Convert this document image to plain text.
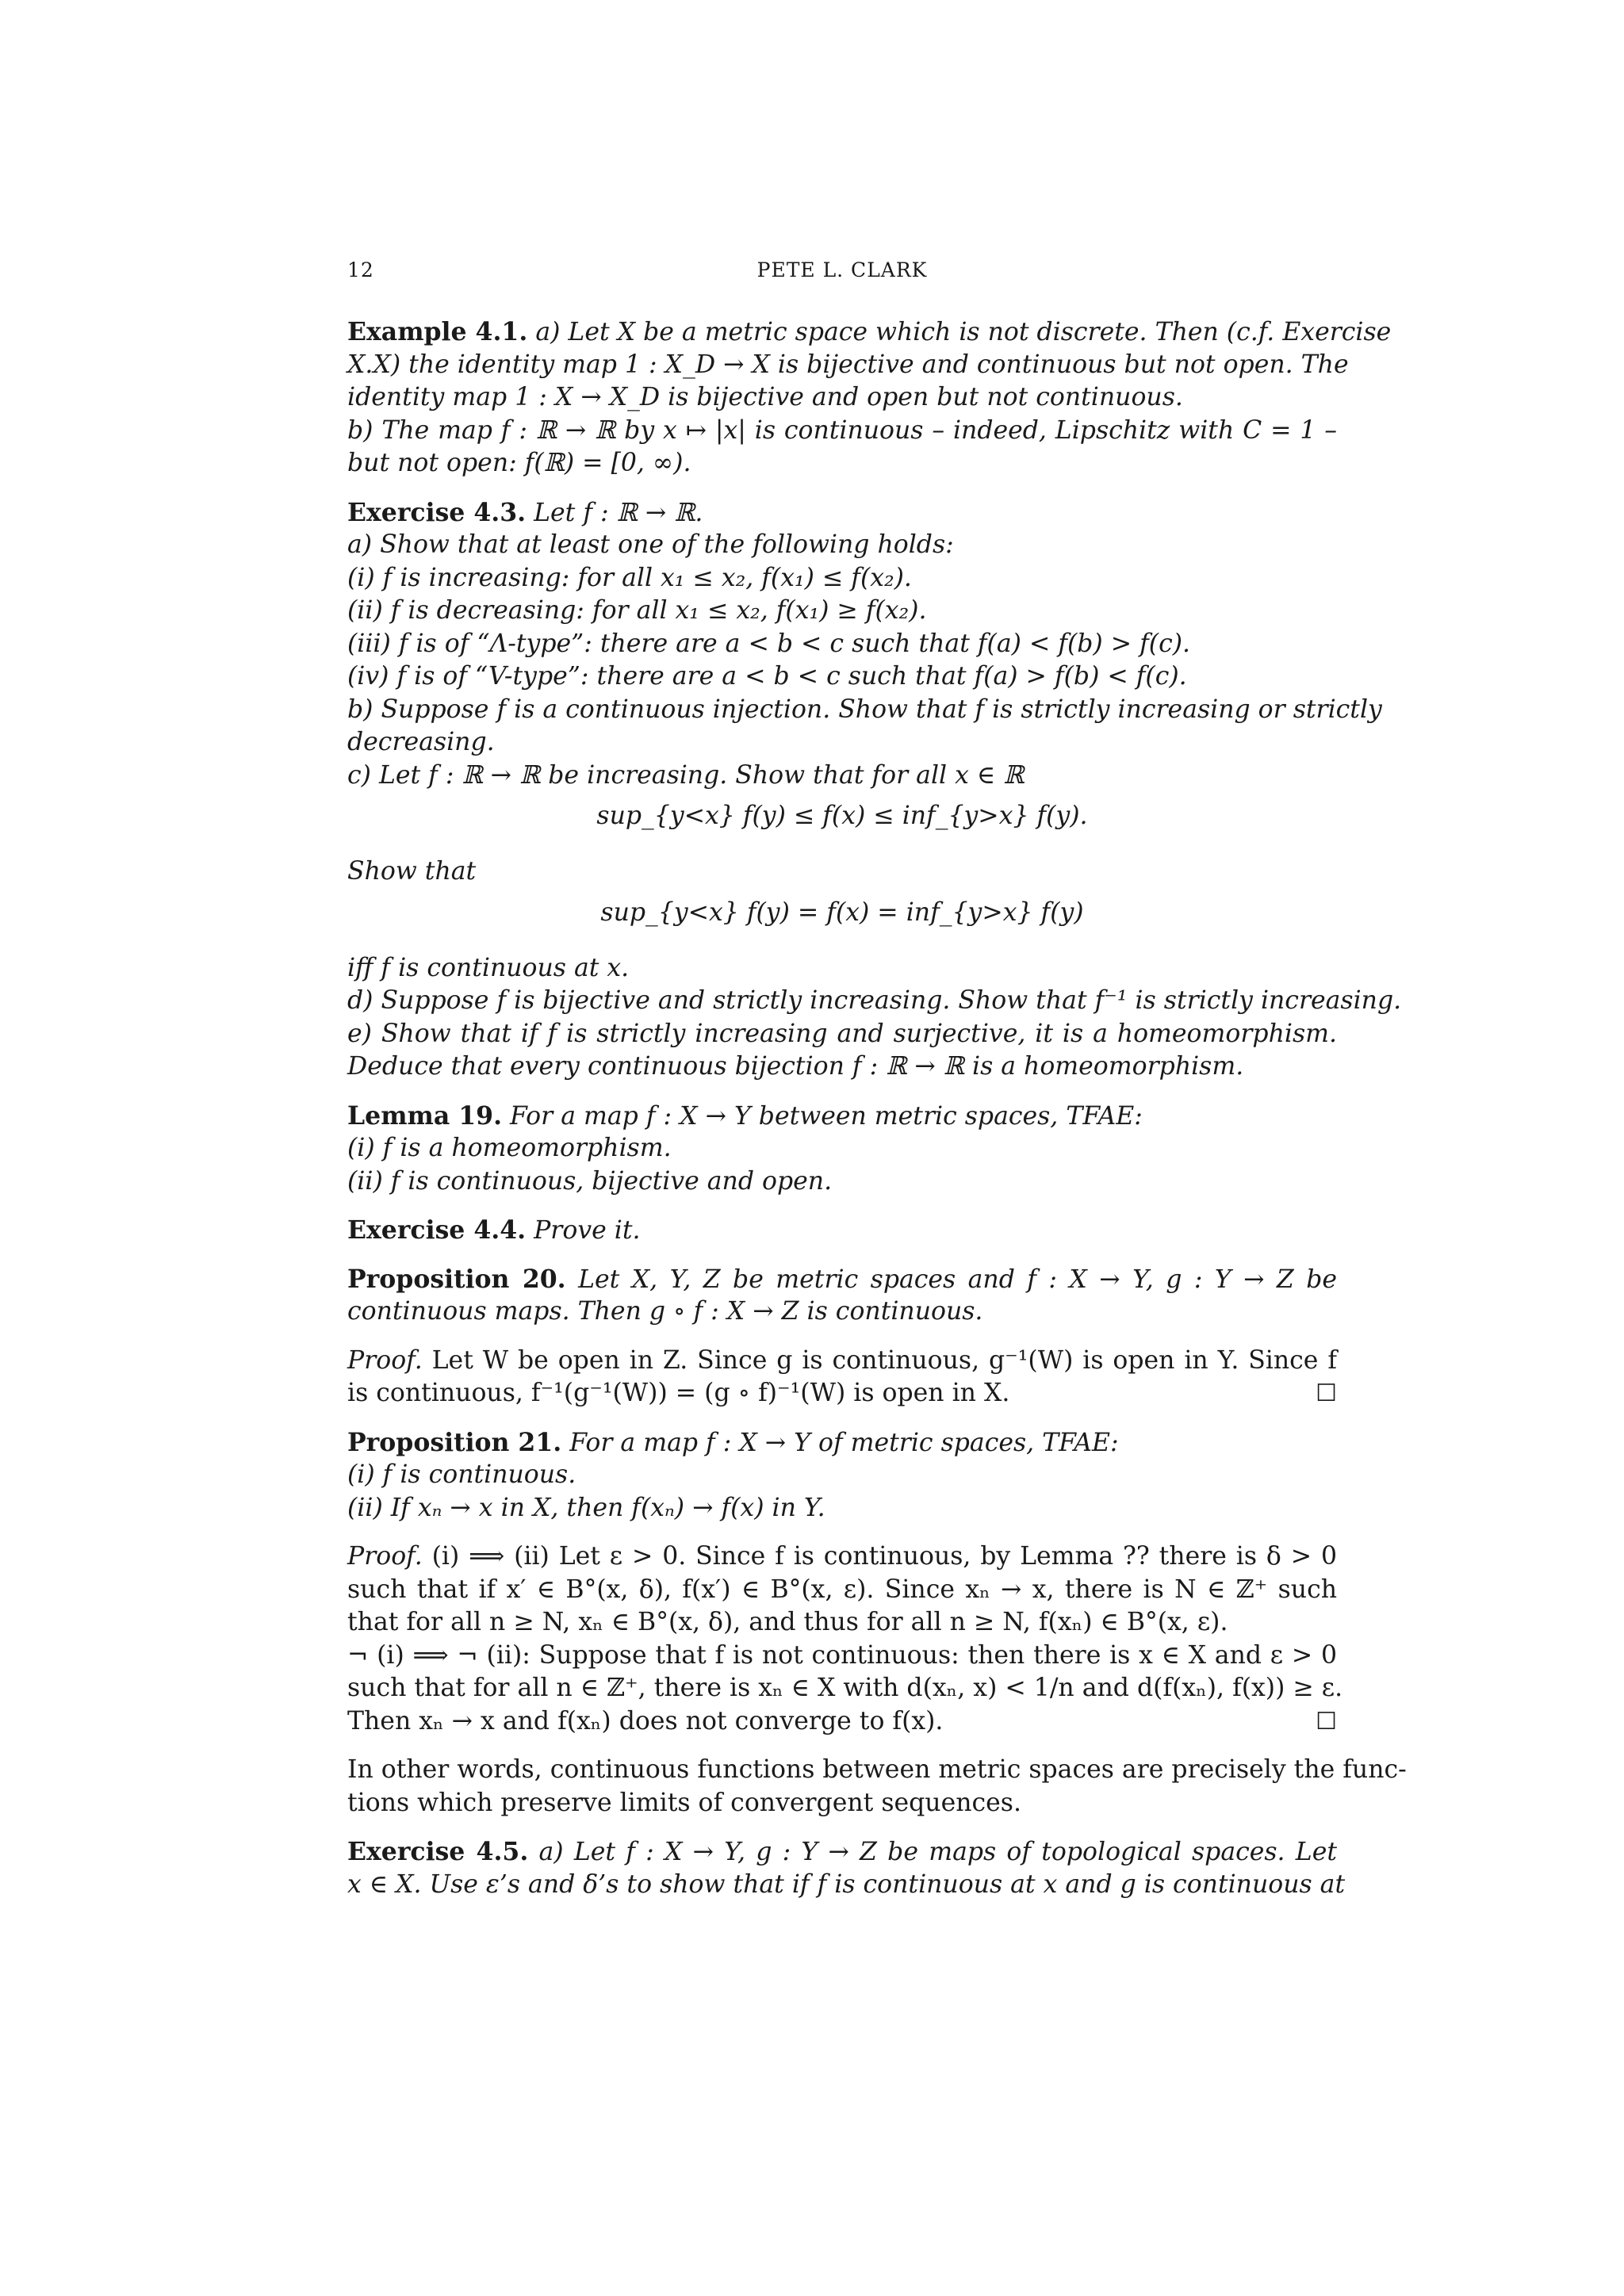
12	PETE L. CLARK
Example 4.1. a) Let X be a metric space which is not discrete. Then (c.f. Exercise
X.X) the identity map 1 : X_D → X is bijective and continuous but not open. The
identity map 1 : X → X_D is bijective and open but not continuous.
b) The map f : ℝ → ℝ by x ↦ |x| is continuous – indeed, Lipschitz with C = 1 –
but not open: f(ℝ) = [0, ∞).
Exercise 4.3. Let f : ℝ → ℝ.
a) Show that at least one of the following holds:
(i) f is increasing: for all x₁ ≤ x₂, f(x₁) ≤ f(x₂).
(ii) f is decreasing: for all x₁ ≤ x₂, f(x₁) ≥ f(x₂).
(iii) f is of “Λ-type”: there are a < b < c such that f(a) < f(b) > f(c).
(iv) f is of “V-type”: there are a < b < c such that f(a) > f(b) < f(c).
b) Suppose f is a continuous injection. Show that f is strictly increasing or strictly
decreasing.
c) Let f : ℝ → ℝ be increasing. Show that for all x ∈ ℝ
sup_{y<x} f(y) ≤ f(x) ≤ inf_{y>x} f(y).
Show that
sup_{y<x} f(y) = f(x) = inf_{y>x} f(y)
iff f is continuous at x.
d) Suppose f is bijective and strictly increasing. Show that f⁻¹ is strictly increasing.
e) Show that if f is strictly increasing and surjective, it is a homeomorphism.
Deduce that every continuous bijection f : ℝ → ℝ is a homeomorphism.
Lemma 19. For a map f : X → Y between metric spaces, TFAE:
(i) f is a homeomorphism.
(ii) f is continuous, bijective and open.
Exercise 4.4. Prove it.
Proposition 20. Let X, Y, Z be metric spaces and f : X → Y, g : Y → Z be
continuous maps. Then g ∘ f : X → Z is continuous.
Proof. Let W be open in Z. Since g is continuous, g⁻¹(W) is open in Y. Since f
is continuous, f⁻¹(g⁻¹(W)) = (g ∘ f)⁻¹(W) is open in X.	☐
Proposition 21. For a map f : X → Y of metric spaces, TFAE:
(i) f is continuous.
(ii) If xₙ → x in X, then f(xₙ) → f(x) in Y.
Proof. (i) ⟹ (ii) Let ε > 0. Since f is continuous, by Lemma ?? there is δ > 0
such that if x′ ∈ B°(x, δ), f(x′) ∈ B°(x, ε). Since xₙ → x, there is N ∈ ℤ⁺ such
that for all n ≥ N, xₙ ∈ B°(x, δ), and thus for all n ≥ N, f(xₙ) ∈ B°(x, ε).
¬ (i) ⟹ ¬ (ii): Suppose that f is not continuous: then there is x ∈ X and ε > 0
such that for all n ∈ ℤ⁺, there is xₙ ∈ X with d(xₙ, x) < 1/n and d(f(xₙ), f(x)) ≥ ε.
Then xₙ → x and f(xₙ) does not converge to f(x).	☐
In other words, continuous functions between metric spaces are precisely the func-
tions which preserve limits of convergent sequences.
Exercise 4.5. a) Let f : X → Y, g : Y → Z be maps of topological spaces. Let
x ∈ X. Use ε’s and δ’s to show that if f is continuous at x and g is continuous at
